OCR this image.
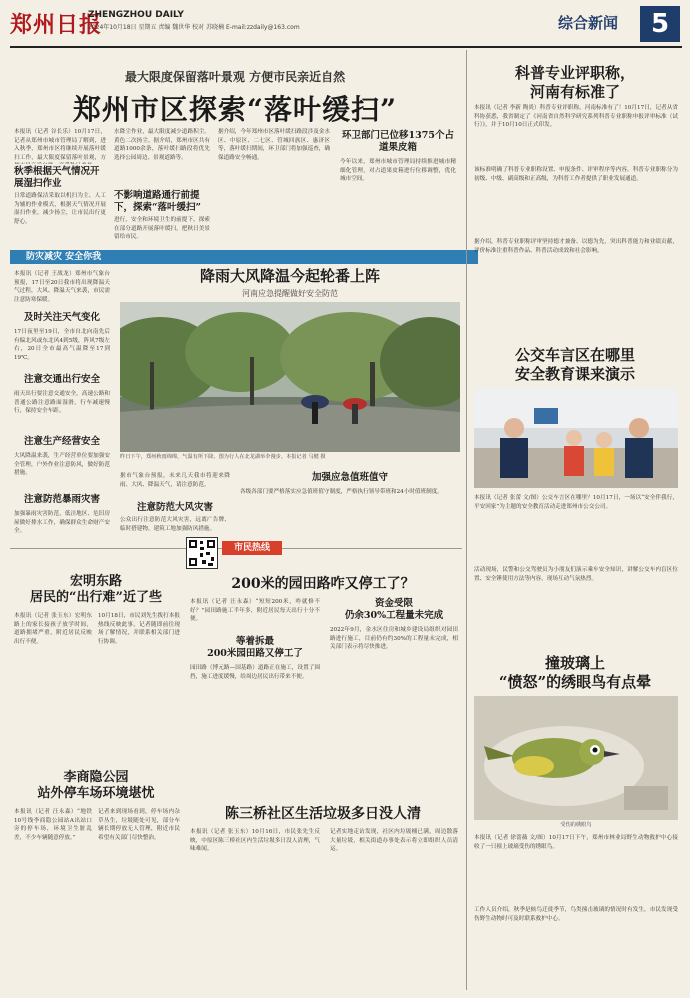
郑州日报
ZHENGZHOU DAILY
2024年10月18日 星期五 责编 魏世华 校对 苏晓楠 E-mail:zzdaily@163.com	综合新闻	5
最大限度保留落叶景观 方便市民亲近自然
郑州市区探索“落叶缓扫”
本报讯（记者 谷长乐）10月17日，记者从郑州市城市管理局了解到，进入秋季，郑州市区将继续开展落叶缓扫工作，最大限度保留落叶景观，方
秋季根据天气情况开展湿扫作业
日常道路保洁采取以机扫为主、人工为辅的作业模式，根据天气情况开展湿扫作业，减少扬尘，让市民出行更舒心。
水降尘作业，最大限度减少道路积尘。黄色二次扬尘。据介绍，郑州市区共有道路1000余条，落叶缓扫路段将优先选择公园周边、景观道路等。
不影响道路通行前提下，探索“落叶缓扫”
进行，安全和环境卫生的前提下，探索在部分道路开展落叶缓扫，把秋日美景留给市民。
据介绍，今年郑州市区落叶缓扫路段涉及金水区、中原区、二七区、管城回族区、惠济区等，落叶缓扫期间，环卫部门将加强巡查，确保道路安全畅通。
环卫部门已位移1375个占道果皮箱
今年以来，郑州市城市管理局持续推进城市精细化管理，对占道果皮箱进行位移调整，优化城市空间。
防灾减灾 安全你我
本报讯（记者 王战龙）郑州市气象台预报，17日至20日我市将出现降温天气过程，大风、降温天气来袭，市民需注意防寒保暖。
及时关注天气变化
17日夜里至19日，全市自北向南先后有偏北风或东北风4到5级，阵风7级左右，20日全市最高气温降至17到19℃。
注意交通出行安全
雨天出行要注意交通安全，高速公路和普通公路注意路面湿滑，行车减速慢行，保持安全车距。
注意生产经营安全
大风降温来袭，生产经营单位要加强安全管理，户外作业注意防风，做好防范措施。
注意防范暴雨灾害
加强暴雨灾害防范，低洼地区、危旧房屋做好排水工作，确保群众生命财产安全。
降雨大风降温今起轮番上阵
河南应急提醒做好安全防范
昨日下午，郑州秋雨绵绵，气温有所下降。图为行人在北龙湖举伞漫步。本报记者 马健 摄
据市气象台预报，未来几天我市将迎来降雨、大风、降温天气，请注意防范。
注意防范大风灾害
公众出行注意防范大风灾害，远离广告牌、临时搭建物，建筑工地加强防风措施。
加强应急值班值守
各级各部门要严格落实应急值班值守制度，严格执行领导带班和24小时值班制度。
市民热线
宏明东路
居民的“出行难”近了些
本报讯（记者 张玉东）宏明东路上的家长接孩子放学时间，道路拥堵严重，附近居民反映出行不便。
10月18日，市民刘先生拨打本报热线反映此事，记者随即前往现场了解情况，并联系相关部门进行协调。
李商隐公园
站外停车场环境堪忧
本报讯（记者 汪永森）“地铁10号线李商隐公园站A出站口旁的停车场，环境卫生脏乱差，不少车辆随意停放。”
记者来到现场看到，停车场内杂草丛生，垃圾随处可见，部分车辆长期停放无人管理，附近市民希望有关部门尽快整治。
200米的园田路咋又停工了？
本报讯（记者 汪永森）“短短200米，咋就修不好？”园田路施工半年多，附近居民每天出行十分不便。
等着拆最
200米园田路又停工了
园田路（博元路—国基路）道路正在施工，设置了围挡，施工进度缓慢，给周边居民出行带来不便。
资金受限
仍余30%工程量未完成
2022年9月，金水区住房和城乡建设局组织对园田路进行施工，目前仍有约30%的工程量未完成，相关部门表示将尽快推进。
陈三桥社区生活垃圾多日没人清
本报讯（记者 张玉东）10月16日，市民张先生反映，中原区陈三桥社区内生活垃圾多日没人清理，气味难闻。
记者实地走访发现，社区内垃圾桶已满，周边散落大量垃圾，相关街道办事处表示将立即组织人员清运。
科普专业评职称，
河南有标准了
本报讯（记者 李新 陶炎）科普专业评职称，河南标准有了！10月17日，记者从省科协获悉，我省制定了《河南省自然科学研究系列科普专业职称申报评审标准（试行）》，并于10月10日正式印发。
该标准明确了科普专业职称设置、申报条件、评审程序等内容，科普专业职称分为初级、中级、副高级和正高级，为科普工作者提供了职业发展通道。
据介绍，科普专业职称评审坚持德才兼备、以德为先，突出科普能力和业绩贡献，评价标准注重科普作品、科普活动成效和社会影响。
公交车言区在哪里
安全教育课来演示
本报讯（记者 张蕾 文/图）公交车言区在哪里？10月17日，一场以“安全伴我行，平安回家”为主题的安全教育活动走进郑州市公交公司。
活动现场，民警和公交驾驶员为小朋友们演示乘车安全知识，讲解公交车内盲区位置、安全锤使用方法等内容，现场互动气氛热烈。
撞玻璃上
“愤怒”的绣眼鸟有点晕
受伤的绣眼鸟
本报讯（记者 徐蔷薇 文/图）10月17日下午，郑州市林业局野生动物救护中心接收了一只撞上玻璃受伤的绣眼鸟。
工作人员介绍，秋季是候鸟迁徙季节，鸟类撞击玻璃的情况时有发生，市民发现受伤野生动物时可及时联系救护中心。
